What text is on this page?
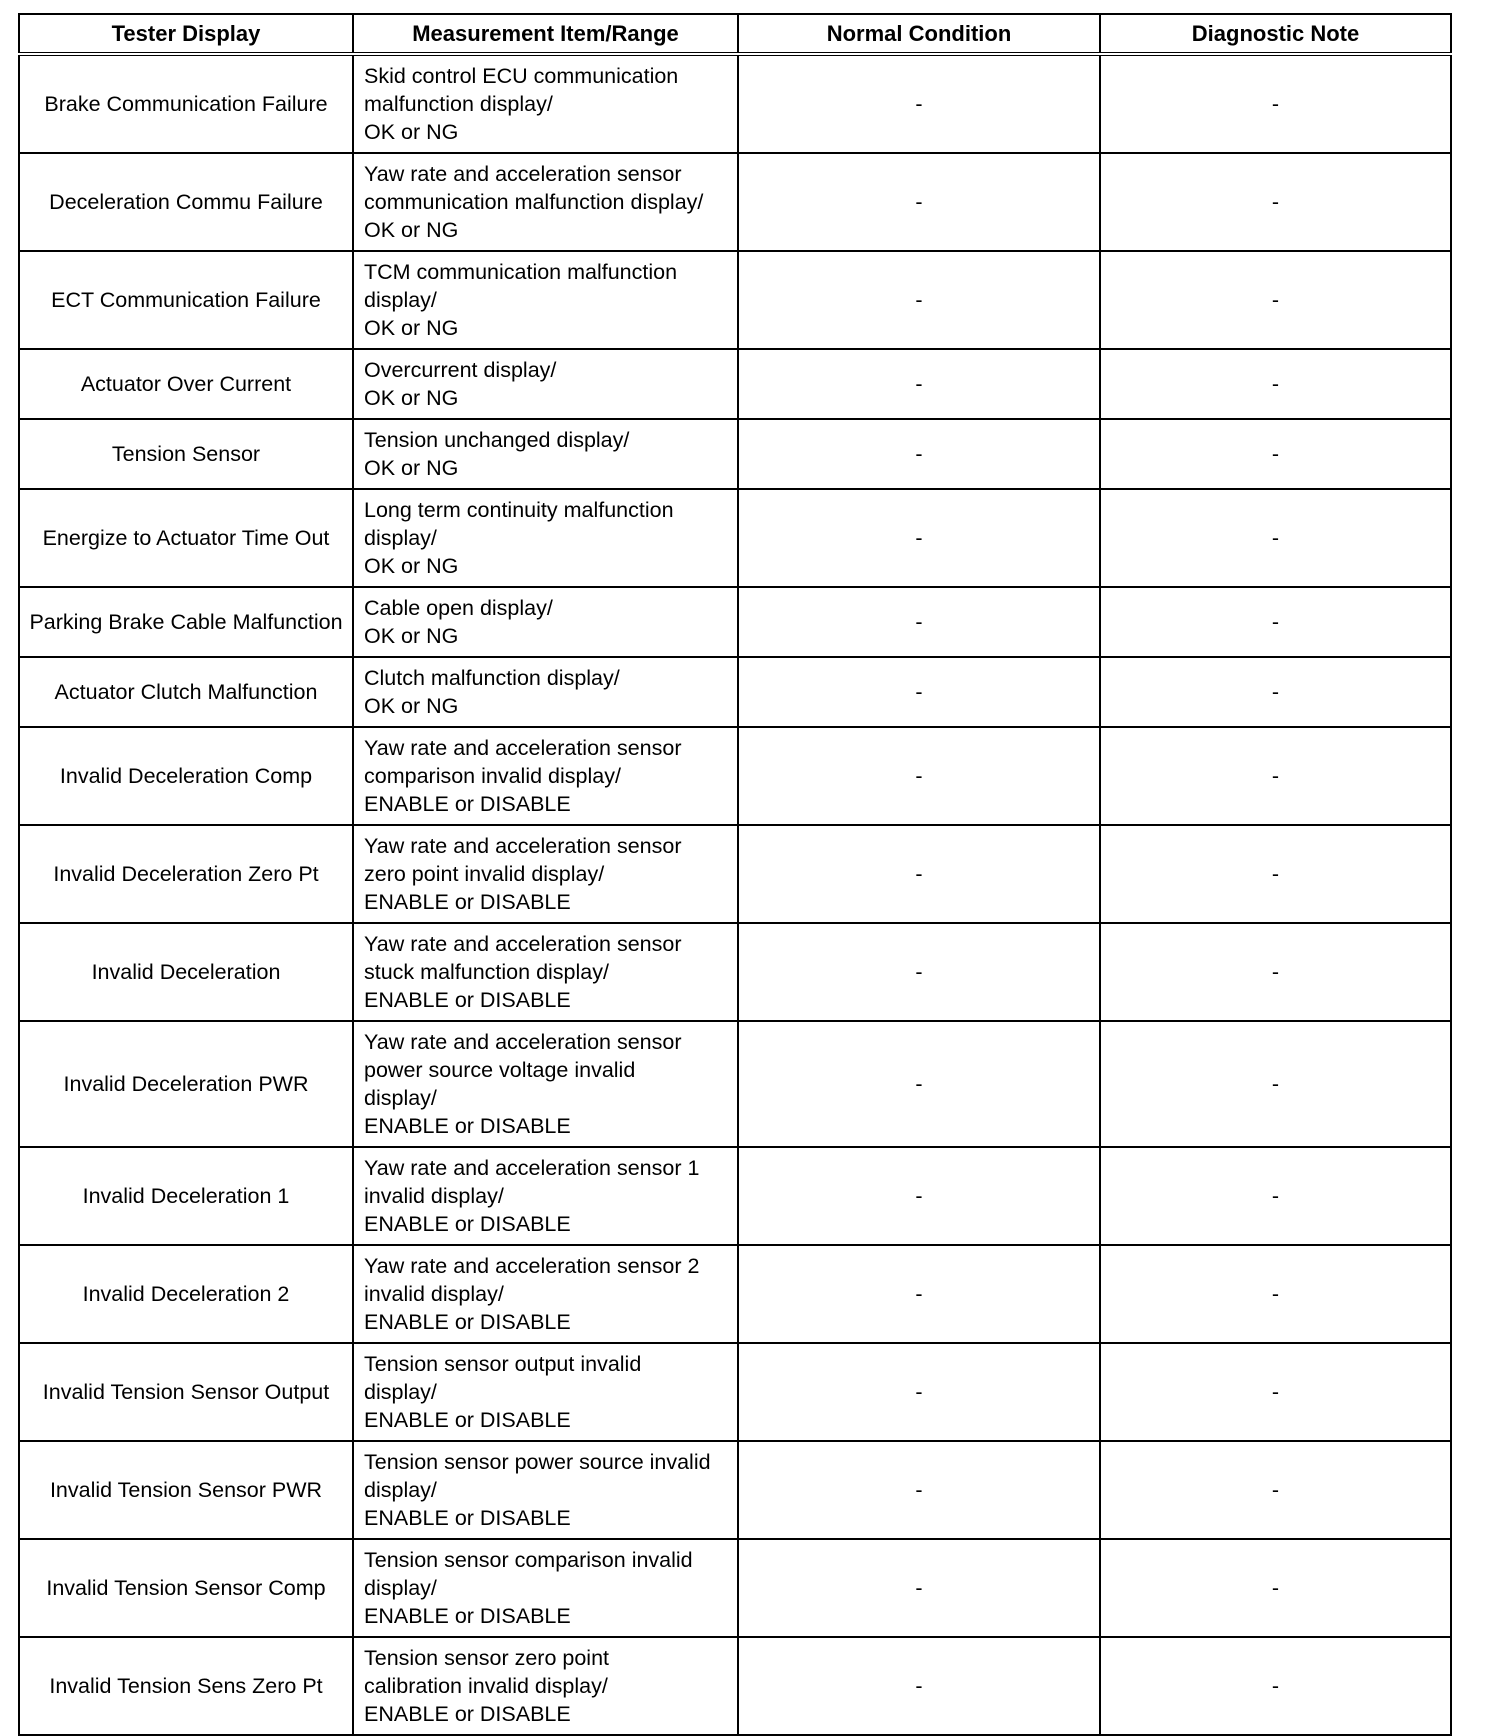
Tester Display	Measurement Item/Range	Normal Condition	Diagnostic Note
Brake Communication Failure	Skid control ECU communication
malfunction display/
OK or NG	-	-
Deceleration Commu Failure	Yaw rate and acceleration sensor
communication malfunction display/
OK or NG	-	-
ECT Communication Failure	TCM communication malfunction
display/
OK or NG	-	-
Actuator Over Current	Overcurrent display/
OK or NG	-	-
Tension Sensor	Tension unchanged display/
OK or NG	-	-
Energize to Actuator Time Out	Long term continuity malfunction
display/
OK or NG	-	-
Parking Brake Cable Malfunction	Cable open display/
OK or NG	-	-
Actuator Clutch Malfunction	Clutch malfunction display/
OK or NG	-	-
Invalid Deceleration Comp	Yaw rate and acceleration sensor
comparison invalid display/
ENABLE or DISABLE	-	-
Invalid Deceleration Zero Pt	Yaw rate and acceleration sensor
zero point invalid display/
ENABLE or DISABLE	-	-
Invalid Deceleration	Yaw rate and acceleration sensor
stuck malfunction display/
ENABLE or DISABLE	-	-
Invalid Deceleration PWR	Yaw rate and acceleration sensor
power source voltage invalid
display/
ENABLE or DISABLE	-	-
Invalid Deceleration 1	Yaw rate and acceleration sensor 1
invalid display/
ENABLE or DISABLE	-	-
Invalid Deceleration 2	Yaw rate and acceleration sensor 2
invalid display/
ENABLE or DISABLE	-	-
Invalid Tension Sensor Output	Tension sensor output invalid
display/
ENABLE or DISABLE	-	-
Invalid Tension Sensor PWR	Tension sensor power source invalid
display/
ENABLE or DISABLE	-	-
Invalid Tension Sensor Comp	Tension sensor comparison invalid
display/
ENABLE or DISABLE	-	-
Invalid Tension Sens Zero Pt	Tension sensor zero point
calibration invalid display/
ENABLE or DISABLE	-	-
